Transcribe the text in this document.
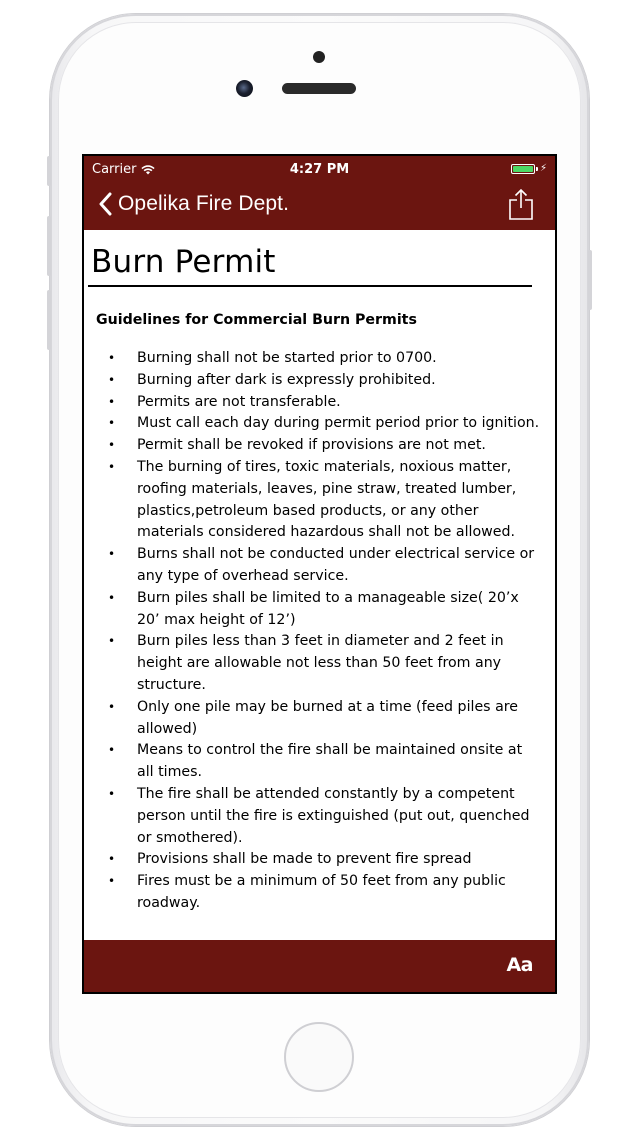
Carrier	4:27 PM	⚡
Opelika Fire Dept.
Burn Permit
Guidelines for Commercial Burn Permits
• Burning shall not be started prior to 0700.
• Burning after dark is expressly prohibited.
• Permits are not transferable.
• Must call each day during permit period prior to ignition.
• Permit shall be revoked if provisions are not met.
• The burning of tires, toxic materials, noxious matter, roofing materials, leaves, pine straw, treated lumber, plastics,petroleum based products, or any other materials considered hazardous shall not be allowed.
• Burns shall not be conducted under electrical service or any type of overhead service.
• Burn piles shall be limited to a manageable size( 20’x 20’ max height of 12’)
• Burn piles less than 3 feet in diameter and 2 feet in height are allowable not less than 50 feet from any structure.
• Only one pile may be burned at a time (feed piles are allowed)
• Means to control the fire shall be maintained onsite at all times.
• The fire shall be attended constantly by a competent person until the fire is extinguished (put out, quenched or smothered).
• Provisions shall be made to prevent fire spread
• Fires must be a minimum of 50 feet from any public roadway.
Aa
